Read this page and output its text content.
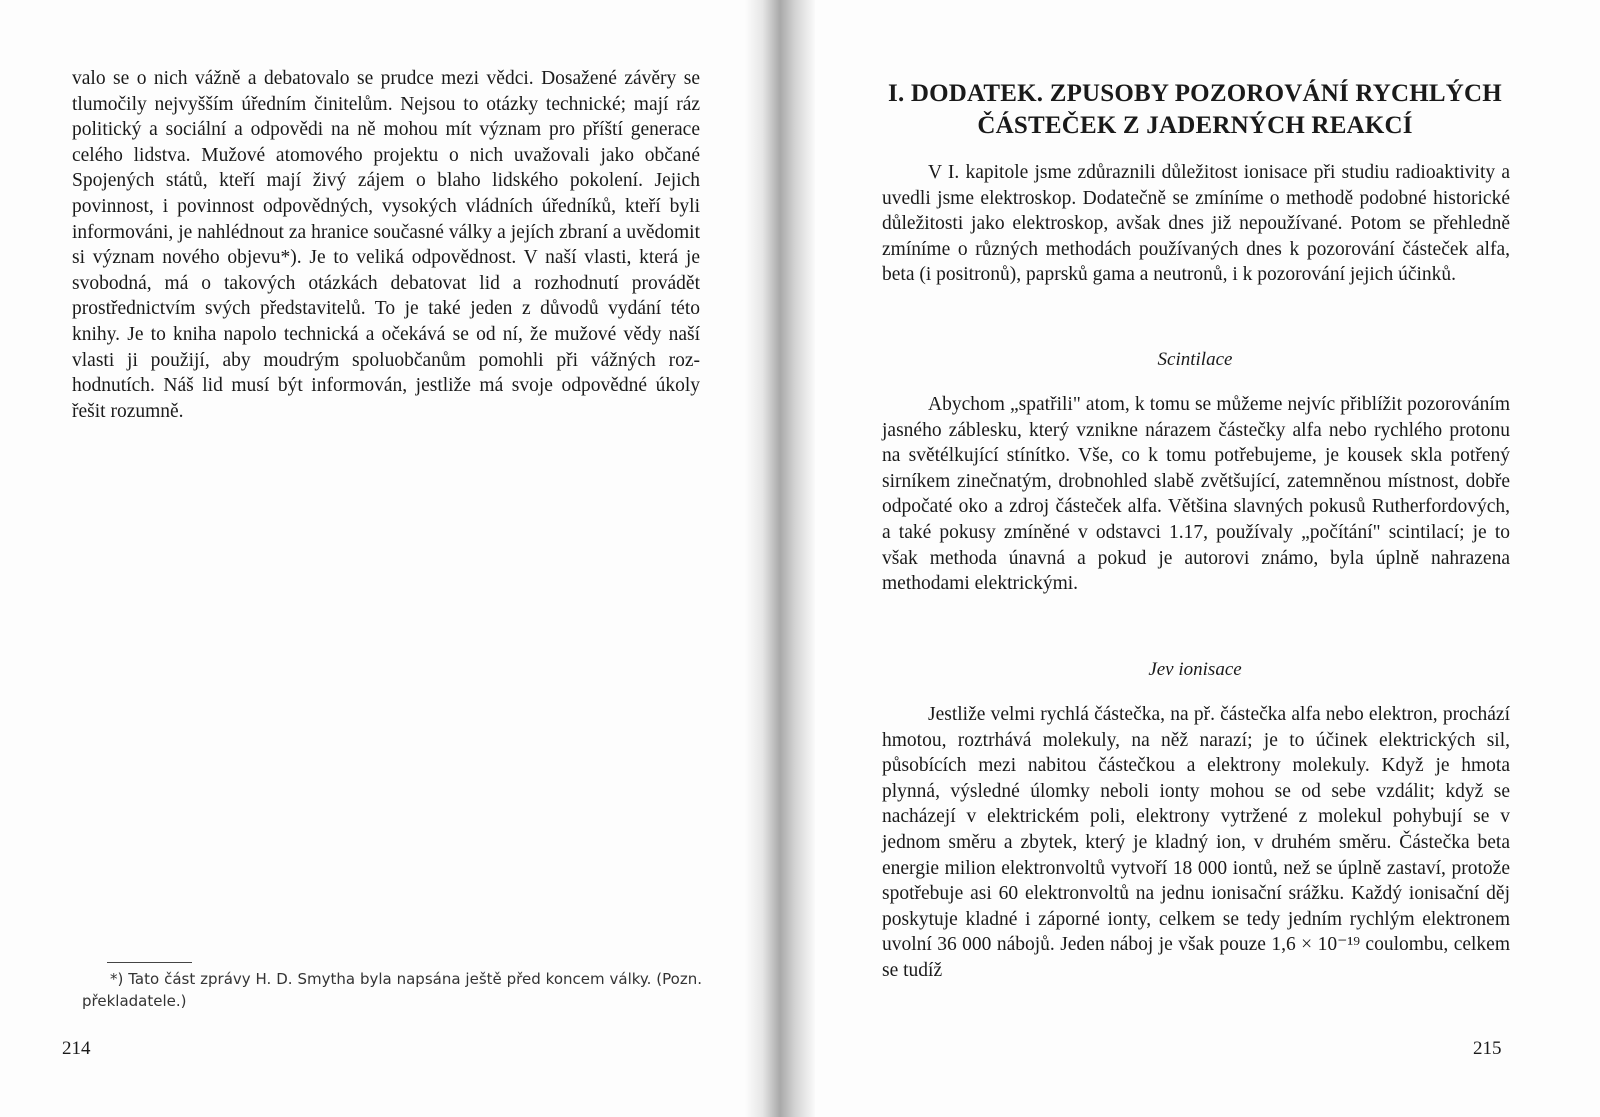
valo se o nich vážně a debatovalo se prudce mezi vědci. Dosažené závěry se tlumočily nejvyšším úředním činitelům. Nejsou to otázky technické; mají ráz politický a sociální a odpovědi na ně mohou mít význam pro příští generace celého lidstva. Mužové atomového projektu o nich uvažovali jako občané Spojených států, kteří mají živý zájem o blaho lidského pokolení. Jejich povinnost, i povinnost odpovědných, vysokých vládních úředníků, kteří byli informováni, je nahlédnout za hranice současné války a jejích zbraní a uvědomit si význam nového objevu*). Je to veliká odpovědnost. V naší vlasti, která je svobodná, má o takových otázkách debatovat lid a rozhodnutí provádět prostřednictvím svých představitelů. To je také jeden z důvodů vydání této knihy. Je to kniha napolo technická a očekává se od ní, že mužové vědy naší vlasti ji použijí, aby moudrým spoluobčanům pomohli při vážných rozhodnutích. Náš lid musí být informován, jestliže má svoje odpovědné úkoly řešit rozumně.

*) Tato část zprávy H. D. Smytha byla napsána ještě před koncem války. (Pozn. překladatele.)

214

I. DODATEK. ZPUSOBY POZOROVÁNÍ RYCHLÝCH ČÁSTEČEK Z JADERNÝCH REAKCÍ

V I. kapitole jsme zdůraznili důležitost ionisace při studiu radioaktivity a uvedli jsme elektroskop. Dodatečně se zmíníme o methodě podobné historické důležitosti jako elektroskop, avšak dnes již nepoužívané. Potom se přehledně zmíníme o různých methodách používaných dnes k pozorování částeček alfa, beta (i positronů), paprsků gama a neutronů, i k pozorování jejich účinků.

Scintilace

Abychom „spatřili" atom, k tomu se můžeme nejvíc přiblížit pozorováním jasného záblesku, který vznikne nárazem částečky alfa nebo rychlého protonu na světélkující stínítko. Vše, co k tomu potřebujeme, je kousek skla potřený sirníkem zinečnatým, drobnohled slabě zvětšující, zatemněnou místnost, dobře odpočaté oko a zdroj částeček alfa. Většina slavných pokusů Rutherfordových, a také pokusy zmíněné v odstavci 1.17, používaly „počítání" scintilací; je to však methoda únavná a pokud je autorovi známo, byla úplně nahrazena methodami elektrickými.

Jev ionisace

Jestliže velmi rychlá částečka, na př. částečka alfa nebo elektron, prochází hmotou, roztrhává molekuly, na něž narazí; je to účinek elektrických sil, působících mezi nabitou částečkou a elektrony molekuly. Když je hmota plynná, výsledné úlomky neboli ionty mohou se od sebe vzdálit; když se nacházejí v elektrickém poli, elektrony vytržené z molekul pohybují se v jednom směru a zbytek, který je kladný ion, v druhém směru. Částečka beta energie milion elektronvoltů vytvoří 18 000 iontů, než se úplně zastaví, protože spotřebuje asi 60 elektronvoltů na jednu ionisační srážku. Každý ionisační děj poskytuje kladné i záporné ionty, celkem se tedy jedním rychlým elektronem uvolní 36 000 nábojů. Jeden náboj je však pouze 1,6 × 10⁻¹⁹ coulombu, celkem se tudíž

215
